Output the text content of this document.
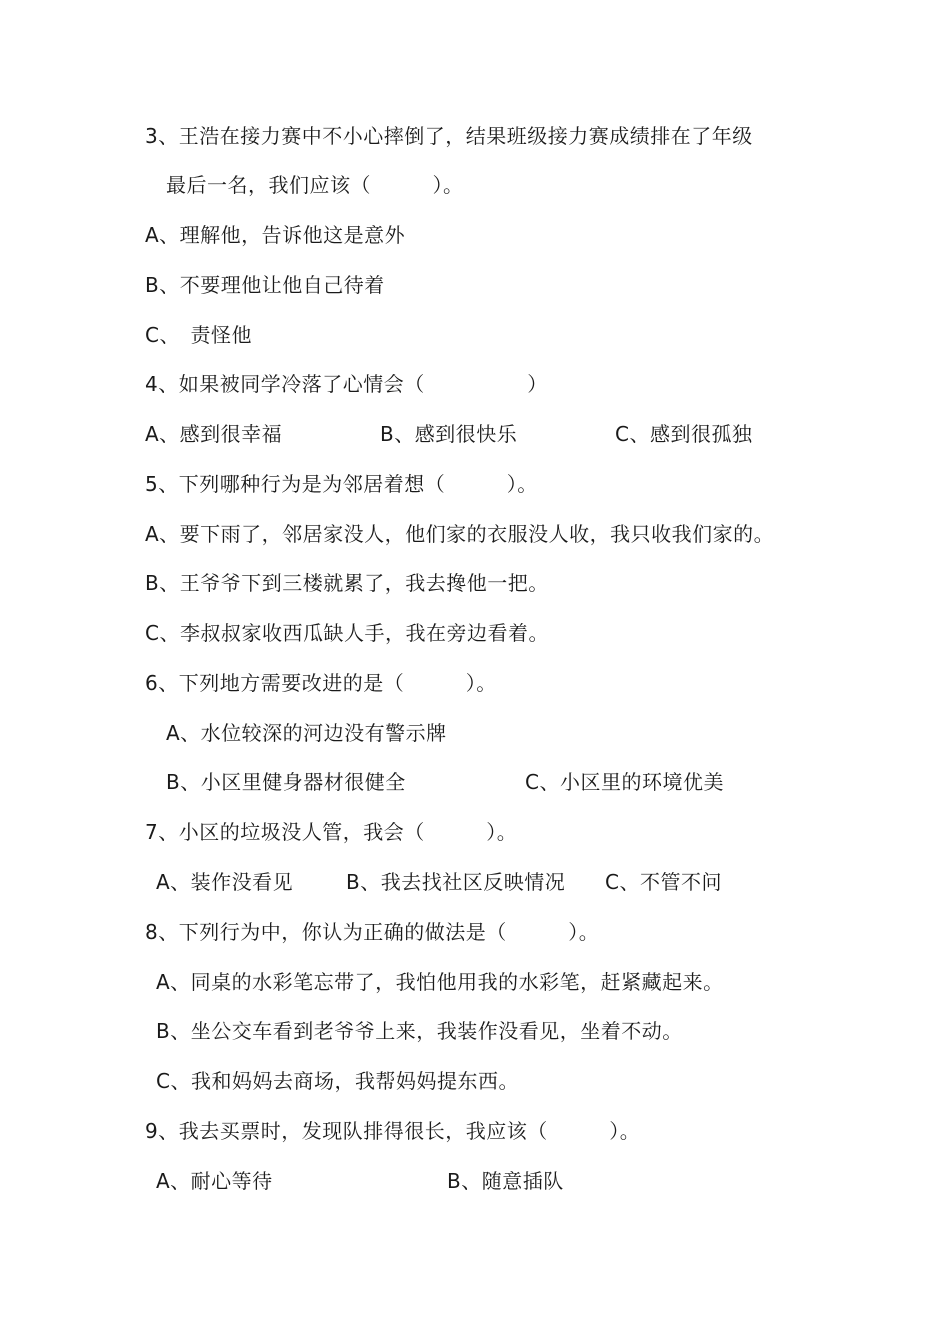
3、王浩在接力赛中不小心摔倒了，结果班级接力赛成绩排在了年级
最后一名，我们应该（　　　）。
A、理解他，告诉他这是意外
B、不要理他让他自己待着
C、　责怪他
4、如果被同学冷落了心情会（　　　　　）
A、感到很幸福	B、感到很快乐	C、感到很孤独
5、下列哪种行为是为邻居着想（　　　）。
A、要下雨了，邻居家没人，他们家的衣服没人收，我只收我们家的。
B、王爷爷下到三楼就累了，我去搀他一把。
C、李叔叔家收西瓜缺人手，我在旁边看着。
6、下列地方需要改进的是（　　　）。
A、水位较深的河边没有警示牌
B、小区里健身器材很健全	C、小区里的环境优美
7、小区的垃圾没人管，我会（　　　）。
A、装作没看见	B、我去找社区反映情况 C、不管不问
8、下列行为中，你认为正确的做法是（　　　）。
A、同桌的水彩笔忘带了，我怕他用我的水彩笔，赶紧藏起来。
B、坐公交车看到老爷爷上来，我装作没看见，坐着不动。
C、我和妈妈去商场，我帮妈妈提东西。
9、我去买票时，发现队排得很长，我应该（　　　）。
A、耐心等待	B、随意插队
